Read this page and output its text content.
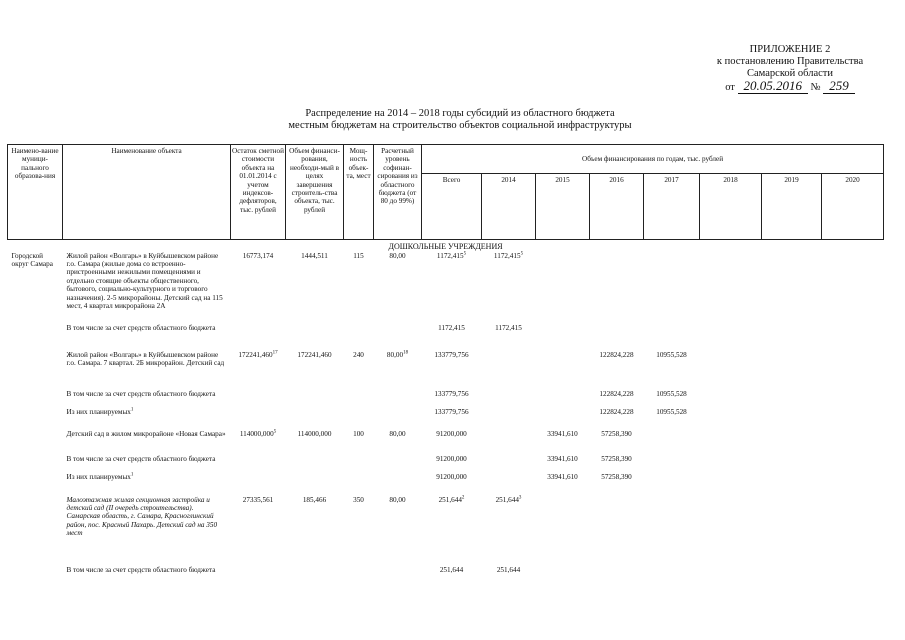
ПРИЛОЖЕНИЕ 2
к постановлению Правительства
Самарской области
от 20.05.2016 № 259
Распределение на 2014 – 2018 годы субсидий из областного бюджета
местным бюджетам на строительство объектов социальной инфраструктуры
Наимено-вание муници-пального образова-ния	Наименование объекта	Остаток сметной стоимости объекта на 01.01.2014 с учетом индексов-дефляторов, тыс. рублей	Объем финанси-рования, необходи-мый в целях завершения строитель-ства объекта, тыс. рублей	Мощ-ность объек-та, мест	Расчетный уровень софинан-сирования из областного бюджета (от 80 до 99%)	Объем финансирования по годам, тыс. рублей							
						Всего	2014	2015	2016	2017	2018	2019	2020
ДОШКОЛЬНЫЕ УЧРЕЖДЕНИЯ													
Городской округ Самара	Жилой район «Волгарь» в Куйбышевском районе г.о. Самара (жилые дома со встроенно-пристроенными нежилыми помещениями и отдельно стоящие объекты общественного, бытового, социально-культурного и торгового назначения). 2-5 микрорайоны. Детский сад на 115 мест, 4 квартал микрорайона 2А	16773,174	1444,511	115	80,00	1172,415$^5$	1172,415$^5$						
	В том числе за счет средств областного бюджета					1172,415	1172,415						
	Жилой район «Волгарь» в Куйбышевском районе г.о. Самара. 7 квартал. 2Б микрорайон. Детский сад	172241,460$^{17}$	172241,460	240	80,00$^{18}$	133779,756			122824,228	10955,528			
	В том числе за счет средств областного бюджета					133779,756			122824,228	10955,528			
	Из них планируемых$^1$					133779,756			122824,228	10955,528			
	Детский сад в жилом микрорайоне «Новая Самара»	114000,000$^5$	114000,000	100	80,00	91200,000		33941,610	57258,390				
	В том числе за счет средств областного бюджета					91200,000		33941,610	57258,390				
	Из них планируемых$^1$					91200,000		33941,610	57258,390				
	Малоэтажная жилая секционная застройка и детский сад (II очередь строительства). Самарская область, г. Самара, Красноглинский район, пос. Красный Пахарь. Детский сад на 350 мест	27335,561	185,466	350	80,00	251,644$^2$	251,644$^3$						
	В том числе за счет средств областного бюджета					251,644	251,644						
